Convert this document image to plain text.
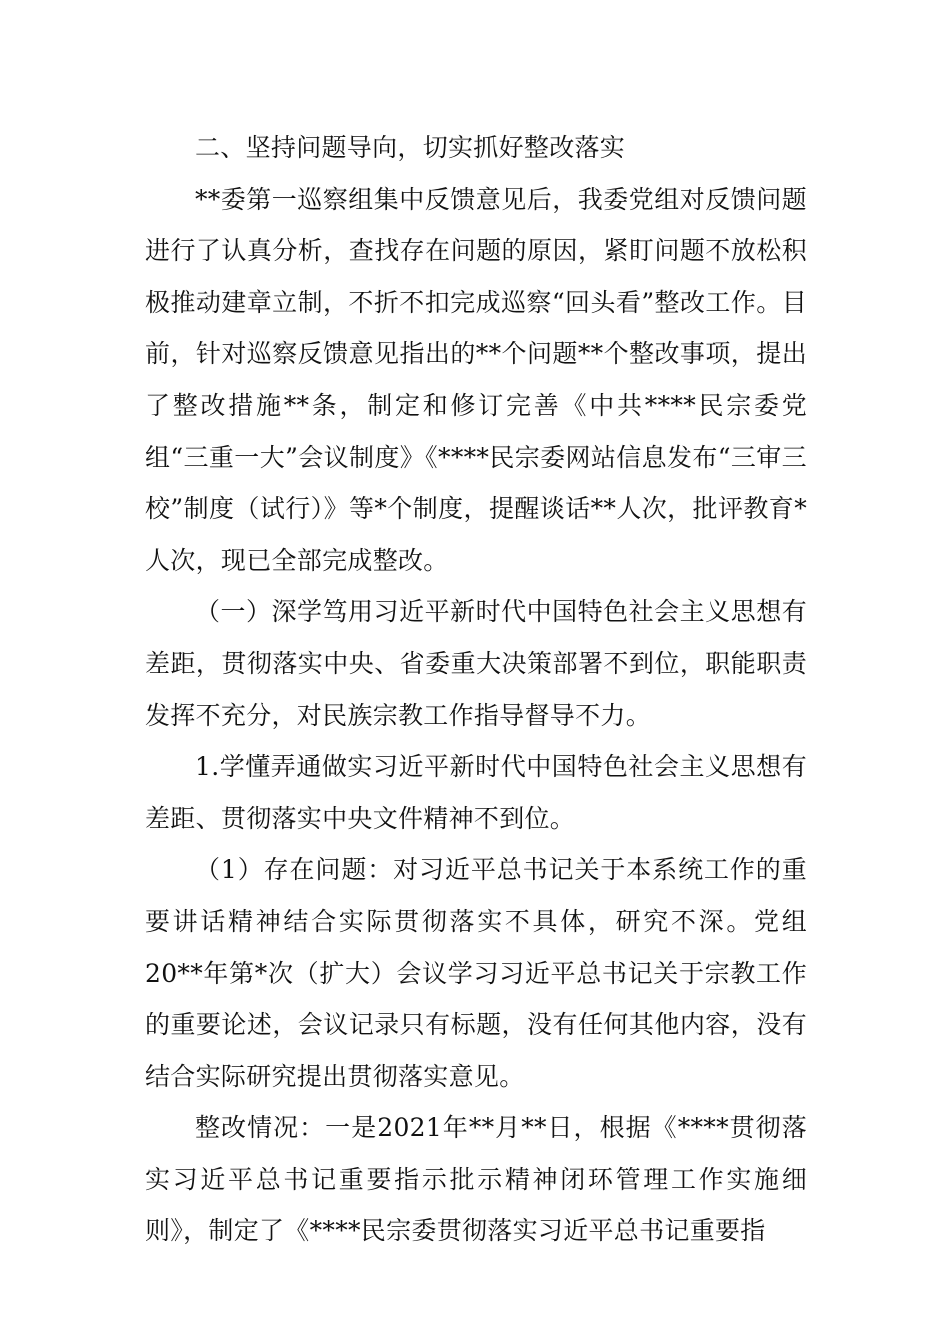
二、坚持问题导向，切实抓好整改落实

**委第一巡察组集中反馈意见后，我委党组对反馈问题进行了认真分析，查找存在问题的原因，紧盯问题不放松积极推动建章立制，不折不扣完成巡察“回头看”整改工作。目前，针对巡察反馈意见指出的**个问题**个整改事项，提出了整改措施**条，制定和修订完善《中共****民宗委党组“三重一大”会议制度》《****民宗委网站信息发布“三审三校”制度（试行）》等*个制度，提醒谈话**人次，批评教育*人次，现已全部完成整改。

（一）深学笃用习近平新时代中国特色社会主义思想有差距，贯彻落实中央、省委重大决策部署不到位，职能职责发挥不充分，对民族宗教工作指导督导不力。

1.学懂弄通做实习近平新时代中国特色社会主义思想有差距、贯彻落实中央文件精神不到位。

（1）存在问题：对习近平总书记关于本系统工作的重要讲话精神结合实际贯彻落实不具体，研究不深。党组20**年第*次（扩大）会议学习习近平总书记关于宗教工作的重要论述，会议记录只有标题，没有任何其他内容，没有结合实际研究提出贯彻落实意见。

整改情况：一是2021年**月**日，根据《****贯彻落实习近平总书记重要指示批示精神闭环管理工作实施细则》，制定了《****民宗委贯彻落实习近平总书记重要指
